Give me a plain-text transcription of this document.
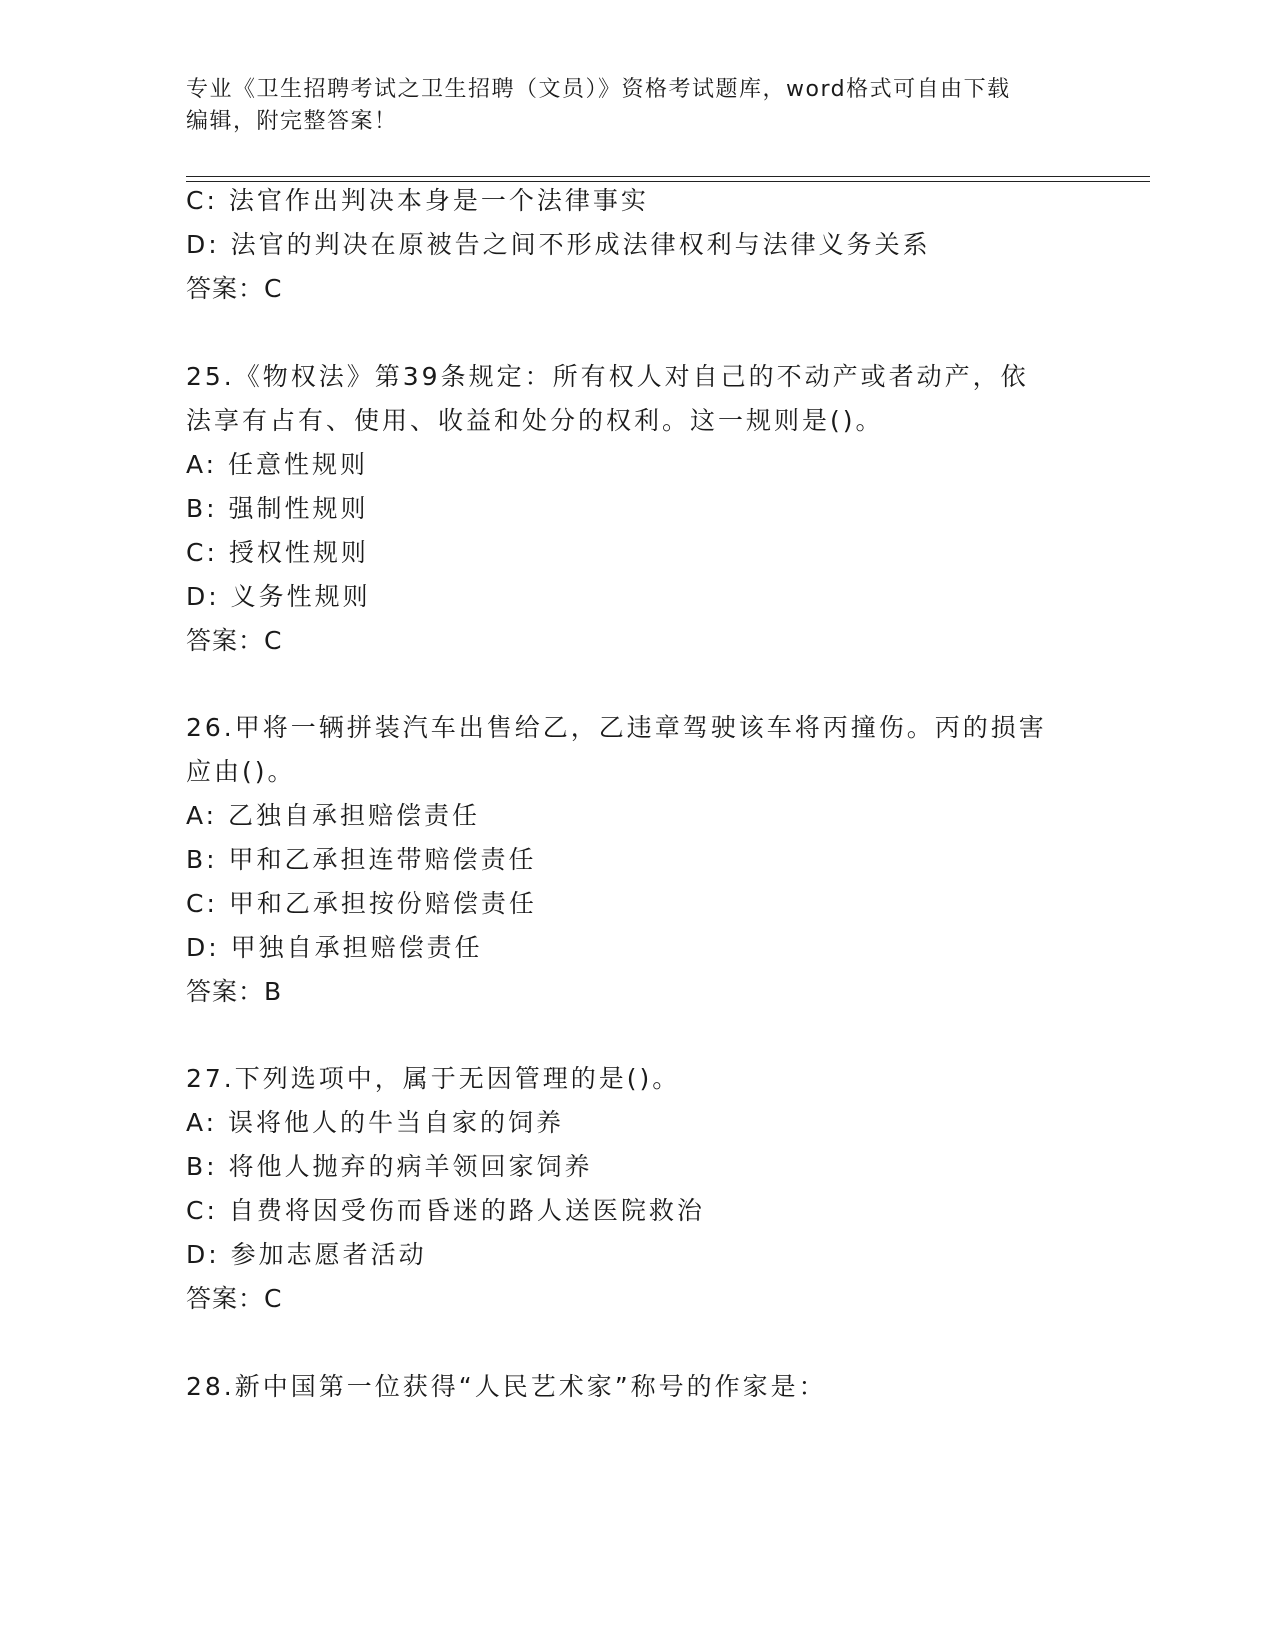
专业《卫生招聘考试之卫生招聘（文员）》资格考试题库，word格式可自由下载
编辑，附完整答案！
C: 法官作出判决本身是一个法律事实
D: 法官的判决在原被告之间不形成法律权利与法律义务关系
答案：C
25.《物权法》第39条规定：所有权人对自己的不动产或者动产，依
法享有占有、使用、收益和处分的权利。这一规则是()。
A: 任意性规则
B: 强制性规则
C: 授权性规则
D: 义务性规则
答案：C
26.甲将一辆拼装汽车出售给乙，乙违章驾驶该车将丙撞伤。丙的损害
应由()。
A: 乙独自承担赔偿责任
B: 甲和乙承担连带赔偿责任
C: 甲和乙承担按份赔偿责任
D: 甲独自承担赔偿责任
答案：B
27.下列选项中，属于无因管理的是()。
A: 误将他人的牛当自家的饲养
B: 将他人抛弃的病羊领回家饲养
C: 自费将因受伤而昏迷的路人送医院救治
D: 参加志愿者活动
答案：C
28.新中国第一位获得“人民艺术家”称号的作家是：
